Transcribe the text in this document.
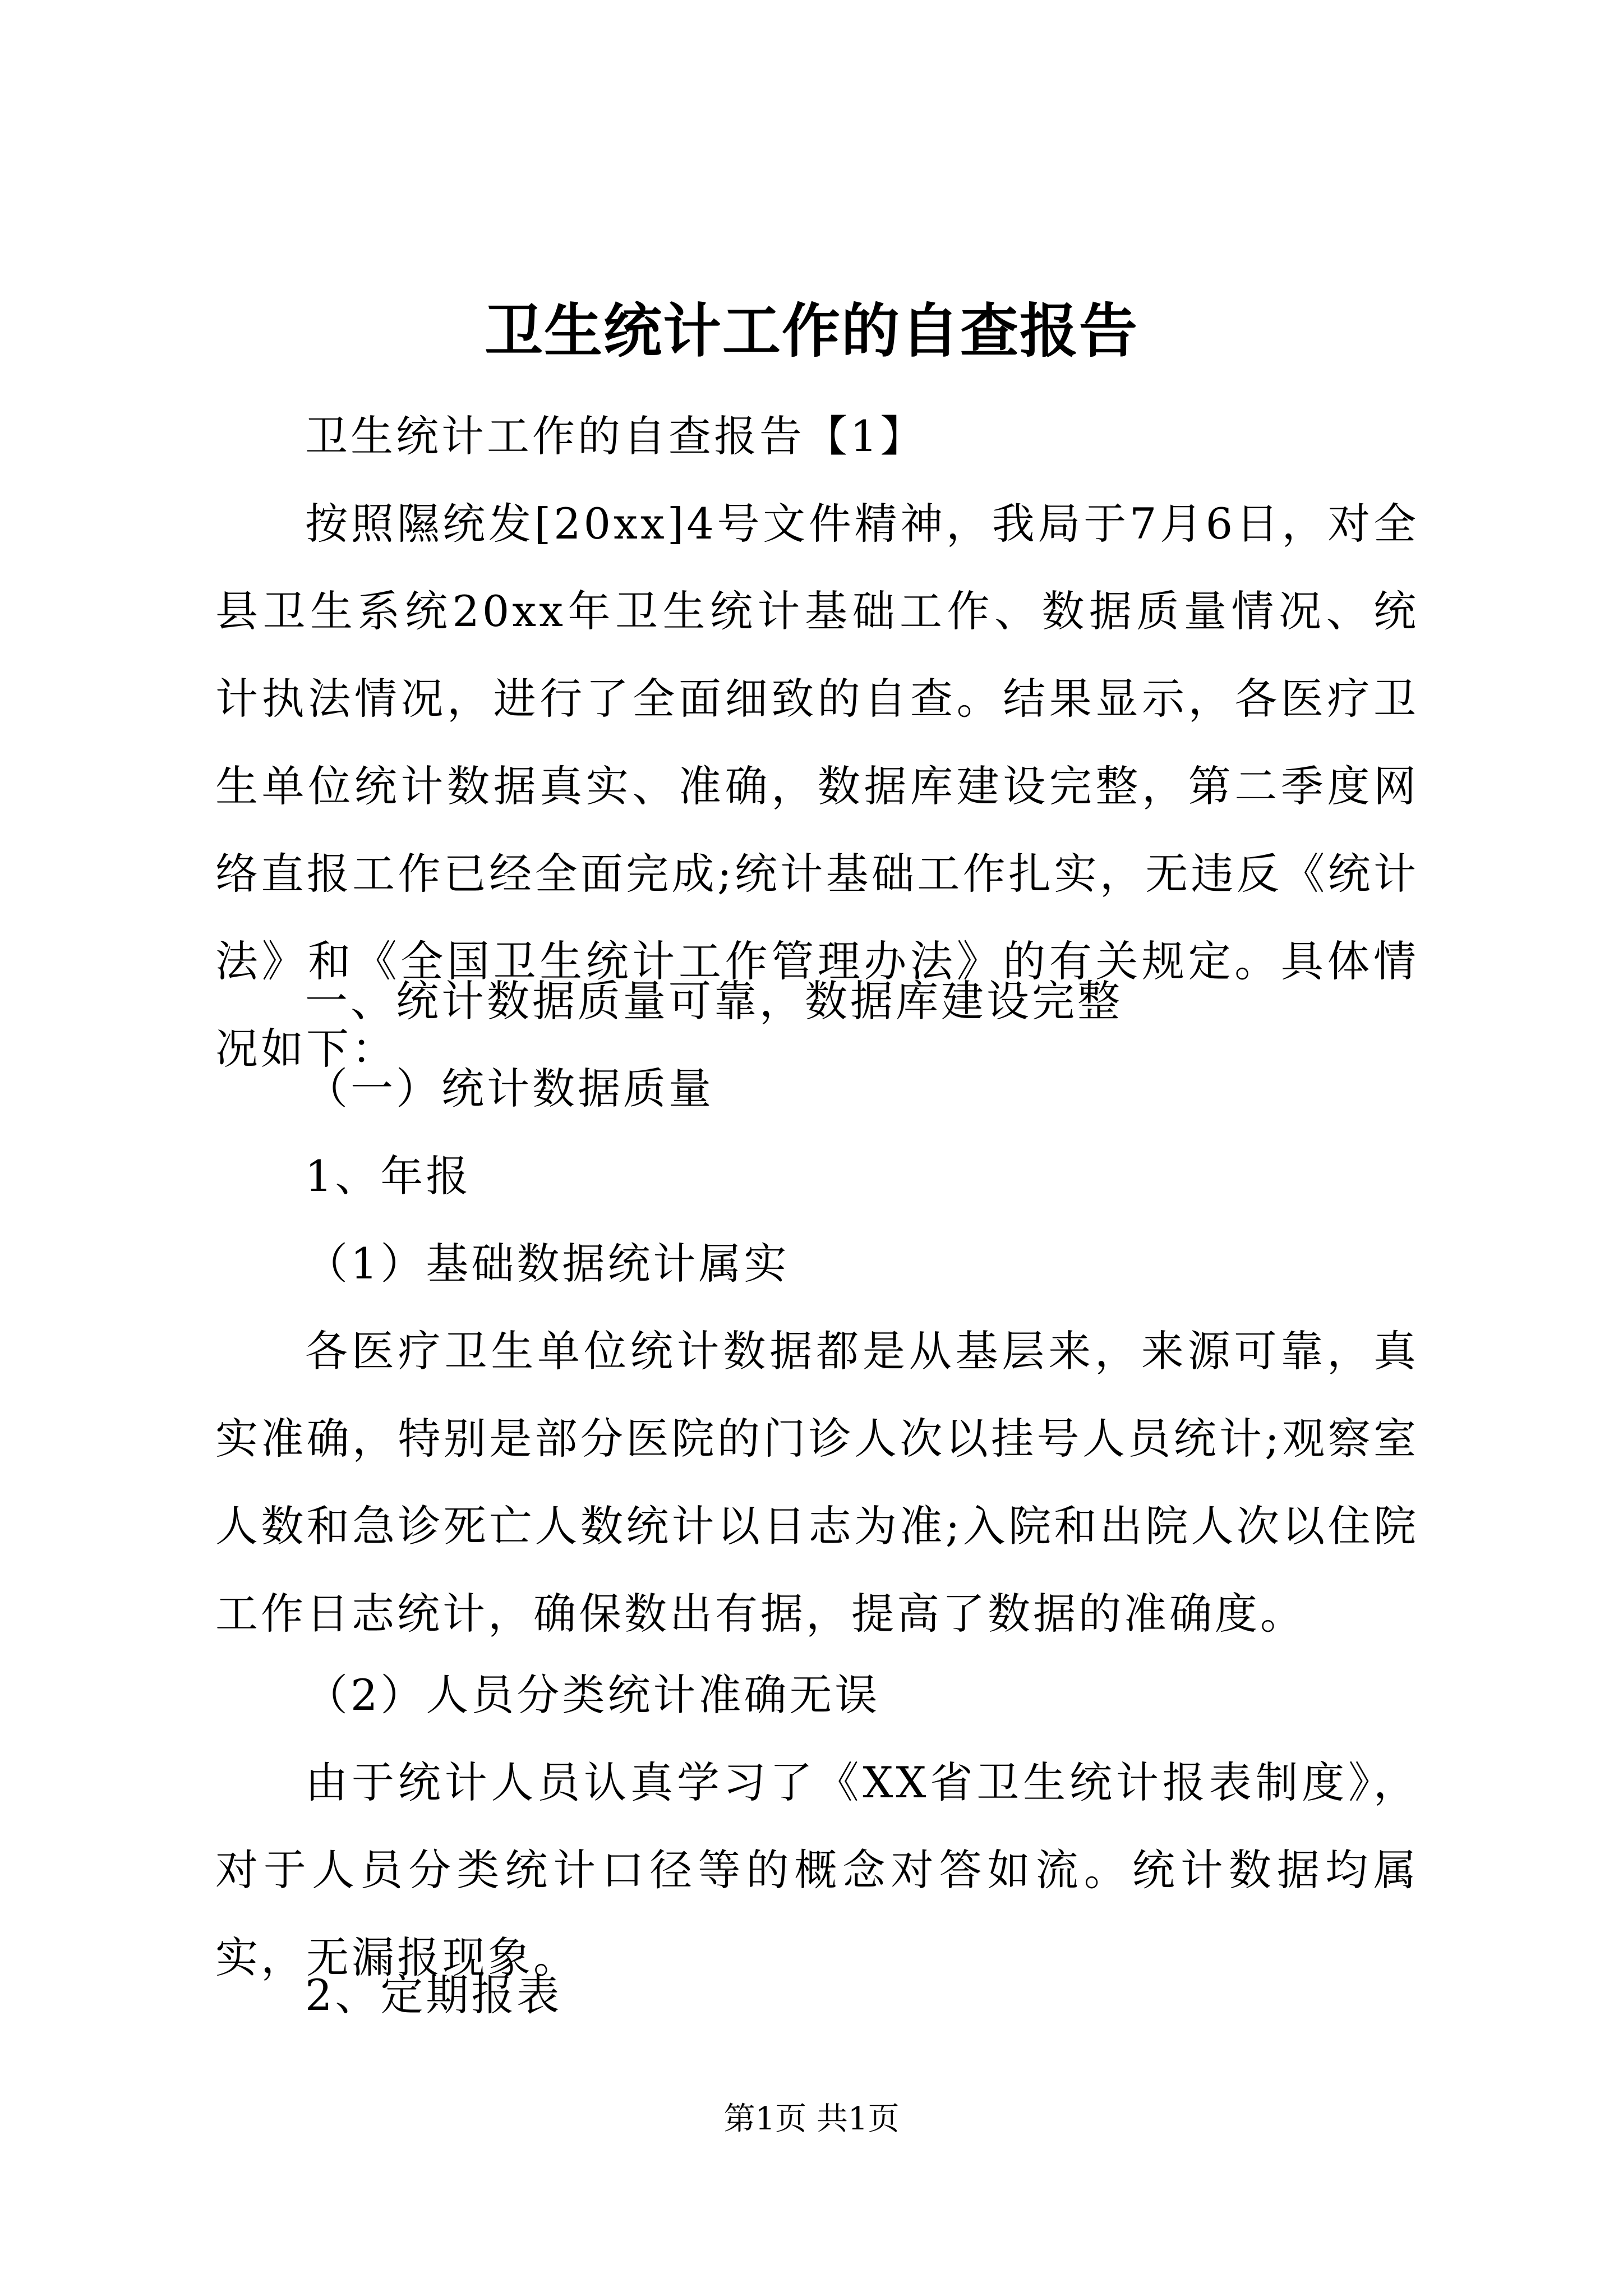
卫生统计工作的自查报告
卫生统计工作的自查报告【1】

按照隰统发[20xx]4号文件精神，我局于7月6日，对全县卫生系统20xx年卫生统计基础工作、数据质量情况、统计执法情况，进行了全面细致的自查。结果显示，各医疗卫生单位统计数据真实、准确，数据库建设完整，第二季度网络直报工作已经全面完成;统计基础工作扎实，无违反《统计法》和《全国卫生统计工作管理办法》的有关规定。具体情况如下：

一、统计数据质量可靠，数据库建设完整
（一）统计数据质量
1、年报
（1）基础数据统计属实

各医疗卫生单位统计数据都是从基层来，来源可靠，真实准确，特别是部分医院的门诊人次以挂号人员统计;观察室人数和急诊死亡人数统计以日志为准;入院和出院人次以住院工作日志统计，确保数出有据，提高了数据的准确度。

（2）人员分类统计准确无误

由于统计人员认真学习了《XX省卫生统计报表制度》，对于人员分类统计口径等的概念对答如流。统计数据均属实，无漏报现象。

2、定期报表
第1页 共1页
